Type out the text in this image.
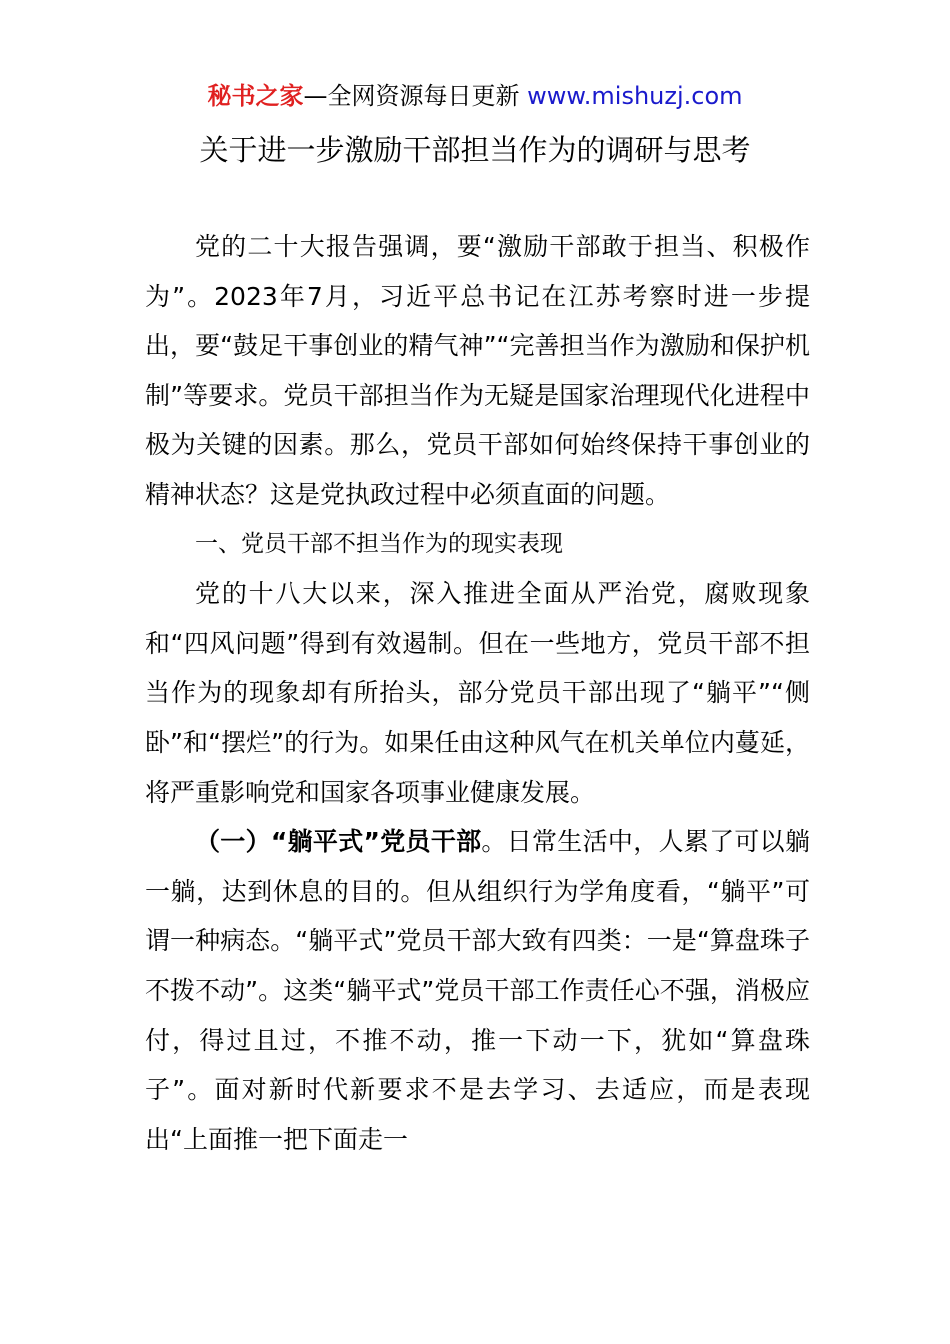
秘书之家—全网资源每日更新 www.mishuzj.com
关于进一步激励干部担当作为的调研与思考

党的二十大报告强调，要“激励干部敢于担当、积极作为”。2023年7月，习近平总书记在江苏考察时进一步提出，要“鼓足干事创业的精气神”“完善担当作为激励和保护机制”等要求。党员干部担当作为无疑是国家治理现代化进程中极为关键的因素。那么，党员干部如何始终保持干事创业的精神状态？这是党执政过程中必须直面的问题。

一、党员干部不担当作为的现实表现

党的十八大以来，深入推进全面从严治党，腐败现象和“四风问题”得到有效遏制。但在一些地方，党员干部不担当作为的现象却有所抬头，部分党员干部出现了“躺平”“侧卧”和“摆烂”的行为。如果任由这种风气在机关单位内蔓延，将严重影响党和国家各项事业健康发展。

（一）“躺平式”党员干部。日常生活中，人累了可以躺一躺，达到休息的目的。但从组织行为学角度看，“躺平”可谓一种病态。“躺平式”党员干部大致有四类：一是“算盘珠子不拨不动”。这类“躺平式”党员干部工作责任心不强，消极应付，得过且过，不推不动，推一下动一下，犹如“算盘珠子”。面对新时代新要求不是去学习、去适应，而是表现出“上面推一把下面走一
